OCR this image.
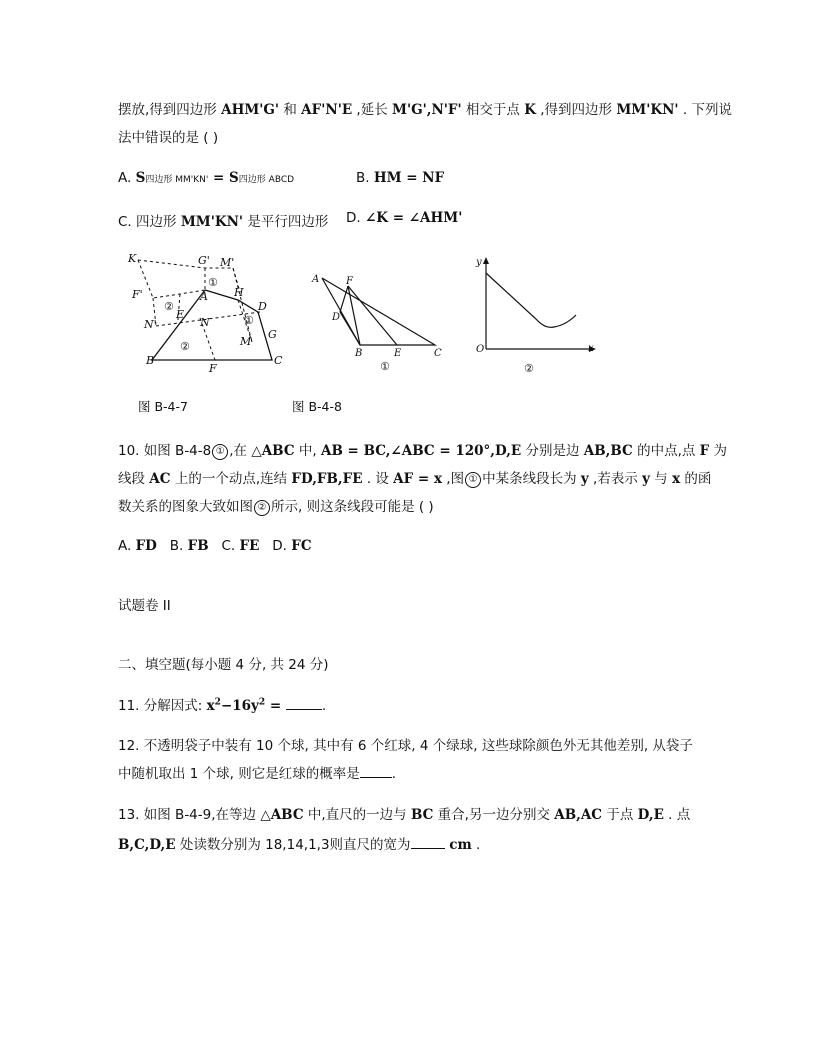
摆放,得到四边形 AHM'G' 和 AF'N'E ,延长 M'G',N'F' 相交于点 K ,得到四边形 MM'KN' . 下列说
法中错误的是 ( )
A. S四边形 MM'KN' = S四边形 ABCD	B. HM = NF
C. 四边形 MM'KN' 是平行四边形 D. ∠K = ∠AHM'
K	G' M'
①
F'
②
A H
D
N'
E
N	①
G
②	M
B
F
C
A	F
D
B	E	C
①
y
O	x
②
图 B-4-7	图 B-4-8
10. 如图 B-4-8 ① ,在 △ABC 中, AB = BC,∠ABC = 120°,D,E 分别是边 AB,BC 的中点,点 F 为
线段 AC 上的一个动点,连结 FD,FB,FE . 设 AF = x ,图 ① 中某条线段长为 y ,若表示 y 与 x 的函
数关系的图象大致如图 ② 所示, 则这条线段可能是 ( )
A. FD B. FB C. FE D. FC
试题卷 II
二、填空题(每小题 4 分, 共 24 分)
11. 分解因式: $x^2-16y^2$ =	.
12. 不透明袋子中装有 10 个球, 其中有 6 个红球, 4 个绿球, 这些球除颜色外无其他差别, 从袋子
中随机取出 1 个球, 则它是红球的概率是 .
13. 如图 B-4-9,在等边 △ABC 中,直尺的一边与 BC 重合,另一边分别交 AB,AC 于点 D,E . 点
B,C,D,E 处读数分别为 18,14,1,3则直尺的宽为	cm .
